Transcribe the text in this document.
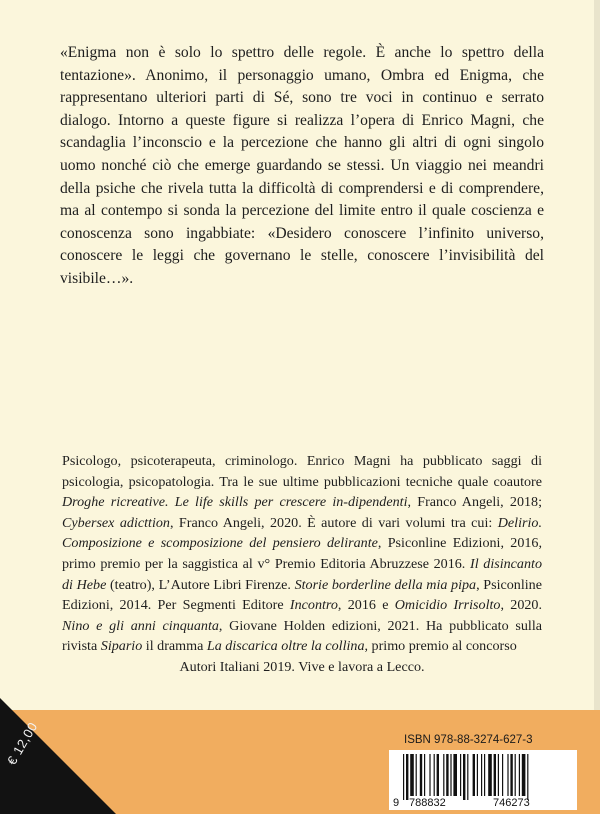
«Enigma non è solo lo spettro delle regole. È anche lo spettro della tentazione». Anonimo, il personaggio umano, Ombra ed Enigma, che rappresentano ulteriori parti di Sé, sono tre voci in continuo e serrato dialogo. Intorno a queste figure si realizza l’opera di Enrico Magni, che scandaglia l’inconscio e la percezione che hanno gli altri di ogni singolo uomo nonché ciò che emerge guardando se stessi. Un viaggio nei meandri della psiche che rivela tutta la difficoltà di comprendersi e di comprendere, ma al contempo si sonda la percezione del limite entro il quale coscienza e conoscenza sono ingabbiate: «Desidero conoscere l’infinito universo, conoscere le leggi che governano le stelle, conoscere l’invisibilità del visibile…».

Psicologo, psicoterapeuta, criminologo. Enrico Magni ha pubblicato saggi di psicologia, psicopatologia. Tra le sue ultime pubblicazioni tecniche quale coautore Droghe ricreative. Le life skills per crescere in-dipendenti, Franco Angeli, 2018; Cybersex adicttion, Franco Angeli, 2020. È autore di vari volumi tra cui: Delirio. Composizione e scomposizione del pensiero delirante, Psiconline Edizioni, 2016, primo premio per la saggistica al v° Premio Editoria Abruzzese 2016. Il disincanto di Hebe (teatro), L’Autore Libri Firenze. Storie borderline della mia pipa, Psiconline Edizioni, 2014. Per Segmenti Editore Incontro, 2016 e Omicidio Irrisolto, 2020. Nino e gli anni cinquanta, Giovane Holden edizioni, 2021. Ha pubblicato sulla rivista Sipario il dramma La discarica oltre la collina, primo premio al concorso

Autori Italiani 2019. Vive e lavora a Lecco.

€ 12,00	ISBN 978-88-3274-627-3
9 788832	746273
